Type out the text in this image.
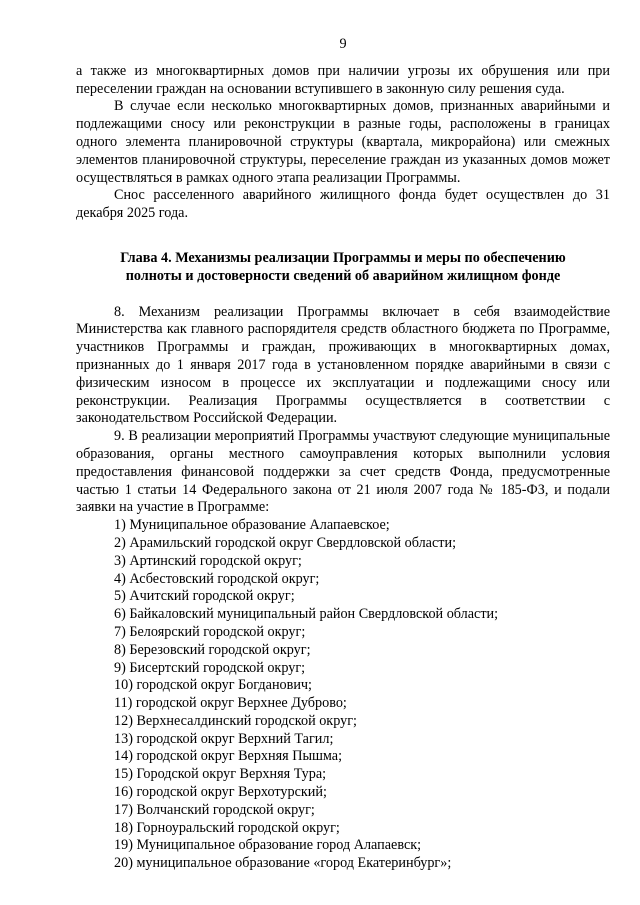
9

а также из многоквартирных домов при наличии угрозы их обрушения или при переселении граждан на основании вступившего в законную силу решения суда.

В случае если несколько многоквартирных домов, признанных аварийными и подлежащими сносу или реконструкции в разные годы, расположены в границах одного элемента планировочной структуры (квартала, микрорайона) или смежных элементов планировочной структуры, переселение граждан из указанных домов может осуществляться в рамках одного этапа реализации Программы.

Снос расселенного аварийного жилищного фонда будет осуществлен до 31 декабря 2025 года.

Глава 4. Механизмы реализации Программы и меры по обеспечению
полноты и достоверности сведений об аварийном жилищном фонде

8. Механизм реализации Программы включает в себя взаимодействие Министерства как главного распорядителя средств областного бюджета по Программе, участников Программы и граждан, проживающих в многоквартирных домах, признанных до 1 января 2017 года в установленном порядке аварийными в связи с физическим износом в процессе их эксплуатации и подлежащими сносу или реконструкции. Реализация Программы осуществляется в соответствии с законодательством Российской Федерации.

9. В реализации мероприятий Программы участвуют следующие муниципальные образования, органы местного самоуправления которых выполнили условия предоставления финансовой поддержки за счет средств Фонда, предусмотренные частью 1 статьи 14 Федерального закона от 21 июля 2007 года № 185-ФЗ, и подали заявки на участие в Программе:

1) Муниципальное образование Алапаевское;
2) Арамильский городской округ Свердловской области;
3) Артинский городской округ;
4) Асбестовский городской округ;
5) Ачитский городской округ;
6) Байкаловский муниципальный район Свердловской области;
7) Белоярский городской округ;
8) Березовский городской округ;
9) Бисертский городской округ;
10) городской округ Богданович;
11) городской округ Верхнее Дуброво;
12) Верхнесалдинский городской округ;
13) городской округ Верхний Тагил;
14) городской округ Верхняя Пышма;
15) Городской округ Верхняя Тура;
16) городской округ Верхотурский;
17) Волчанский городской округ;
18) Горноуральский городской округ;
19) Муниципальное образование город Алапаевск;
20) муниципальное образование «город Екатеринбург»;
